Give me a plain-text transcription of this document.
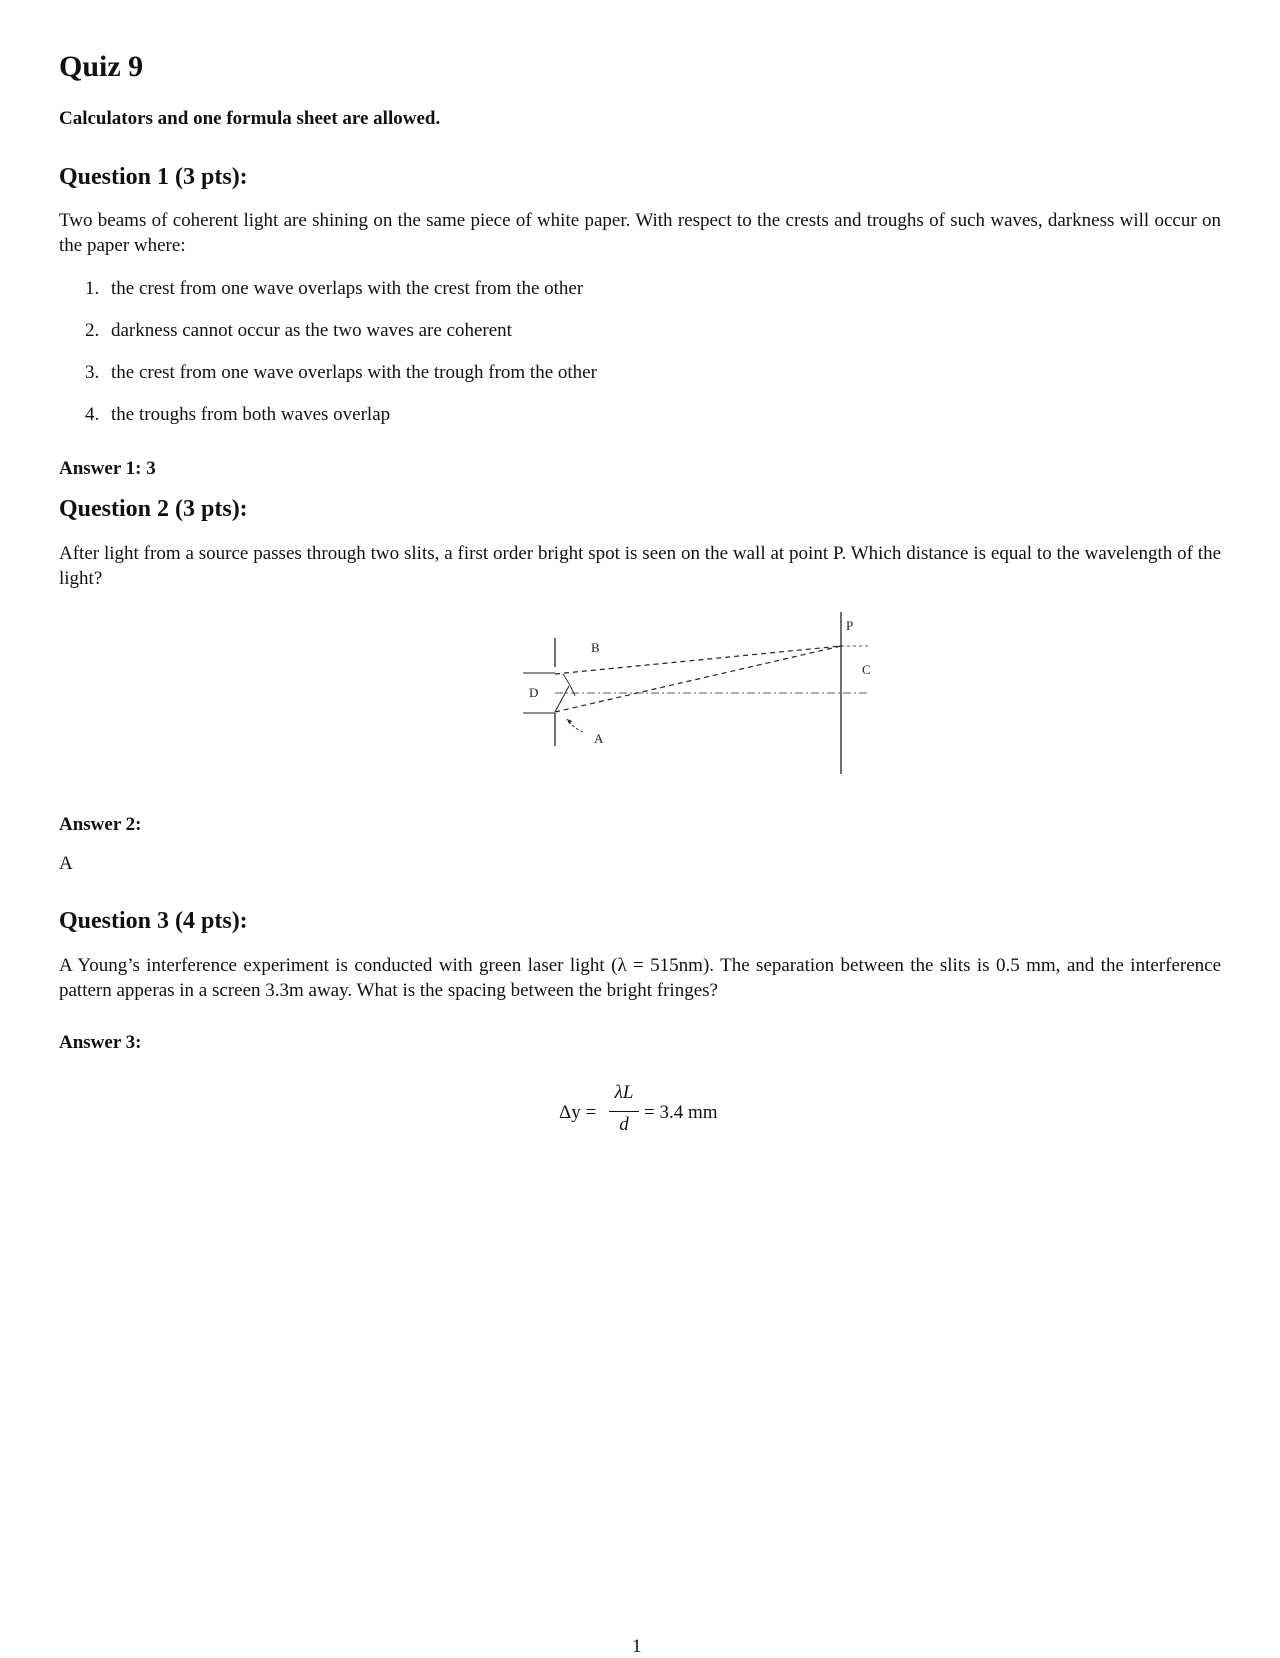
Quiz 9
Calculators and one formula sheet are allowed.
Question 1 (3 pts):
Two beams of coherent light are shining on the same piece of white paper. With respect to the crests and troughs of such waves, darkness will occur on the paper where:
1. the crest from one wave overlaps with the crest from the other
2. darkness cannot occur as the two waves are coherent
3. the crest from one wave overlaps with the trough from the other
4. the troughs from both waves overlap
Answer 1: 3
Question 2 (3 pts):
After light from a source passes through two slits, a first order bright spot is seen on the wall at point P. Which distance is equal to the wavelength of the light?
B
D
A
P
C
Answer 2:
A
Question 3 (4 pts):
A Young’s interference experiment is conducted with green laser light (λ = 515nm). The separation between the slits is 0.5 mm, and the interference pattern apperas in a screen 3.3m away. What is the spacing between the bright fringes?
Answer 3:
Δy =
λL
d
= 3.4 mm
1
